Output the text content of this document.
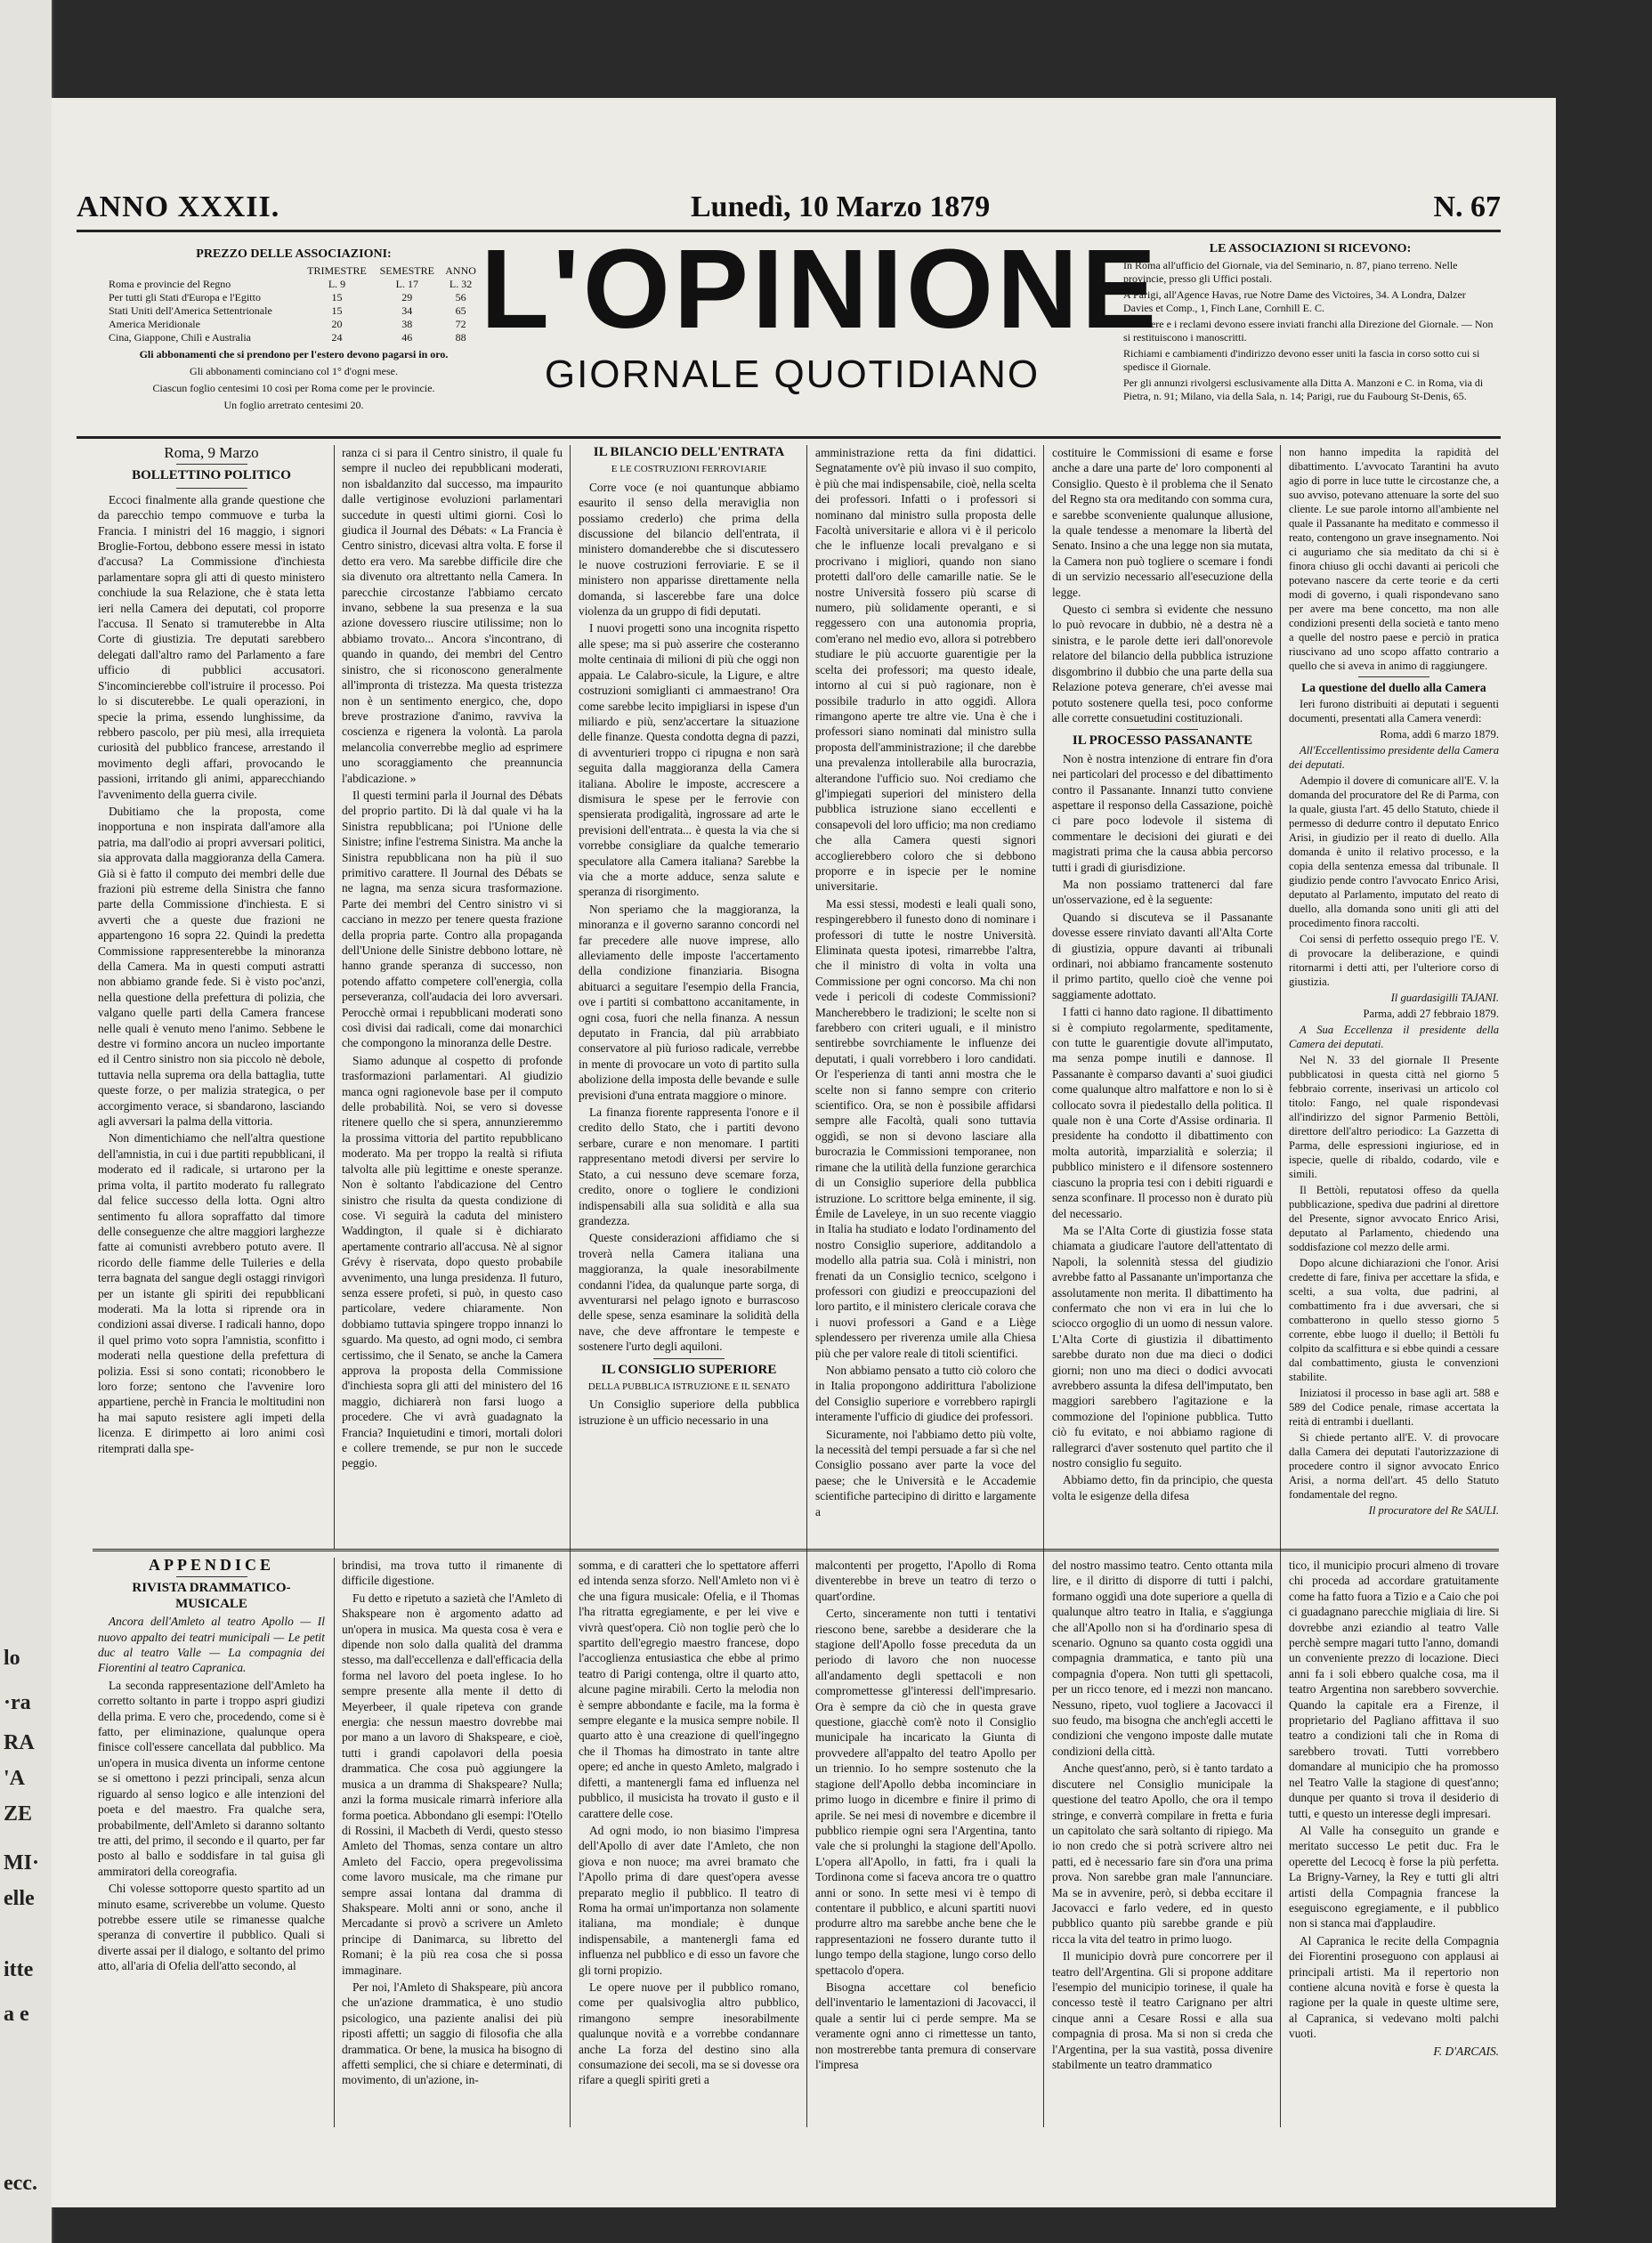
lo
·ra
RA
'A
ZE
MI·
elle
itte
a e
ecc.
ANNO XXXII.	Lunedì, 10 Marzo 1879	N. 67
PREZZO DELLE ASSOCIAZIONI:
	TRIMESTRE	SEMESTRE	ANNO
Roma e provincie del Regno	L. 9	L. 17	L. 32
Per tutti gli Stati d'Europa e l'Egitto	15	29	56
Stati Uniti dell'America Settentrionale	15	34	65
America Meridionale	20	38	72
Cina, Giappone, Chilì e Australia	24	46	88
Gli abbonamenti che si prendono per l'estero devono pagarsi in oro.
Gli abbonamenti cominciano col 1° d'ogni mese.
Ciascun foglio centesimi 10 così per Roma come per le provincie.
Un foglio arretrato centesimi 20.
L'OPINIONE
GIORNALE QUOTIDIANO
LE ASSOCIAZIONI SI RICEVONO:

In Roma all'ufficio del Giornale, via del Seminario, n. 87, piano terreno. Nelle provincie, presso gli Uffici postali.

A Parigi, all'Agence Havas, rue Notre Dame des Victoires, 34. A Londra, Dalzer Davies et Comp., 1, Finch Lane, Cornhill E. C.

Le lettere e i reclami devono essere inviati franchi alla Direzione del Giornale. — Non si restituiscono i manoscritti.

Richiami e cambiamenti d'indirizzo devono esser uniti la fascia in corso sotto cui si spedisce il Giornale.

Per gli annunzi rivolgersi esclusivamente alla Ditta A. Manzoni e C. in Roma, via di Pietra, n. 91; Milano, via della Sala, n. 14; Parigi, rue du Faubourg St-Denis, 65.

Roma, 9 Marzo

BOLLETTINO POLITICO

Eccoci finalmente alla grande questione che da parecchio tempo commuove e turba la Francia. I ministri del 16 maggio, i signori Broglie-Fortou, debbono essere messi in istato d'accusa? La Commissione d'inchiesta parlamentare sopra gli atti di questo ministero conchiude la sua Relazione, che è stata letta ieri nella Camera dei deputati, col proporre l'accusa. Il Senato si tramuterebbe in Alta Corte di giustizia. Tre deputati sarebbero delegati dall'altro ramo del Parlamento a fare ufficio di pubblici accusatori. S'incomincierebbe coll'istruire il processo. Poi lo si discuterebbe. Le quali operazioni, in specie la prima, essendo lunghissime, da rebbero pascolo, per più mesi, alla irrequieta curiosità del pubblico francese, arrestando il movimento degli affari, provocando le passioni, irritando gli animi, apparecchiando l'avvenimento della guerra civile.

Dubitiamo che la proposta, come inopportuna e non inspirata dall'amore alla patria, ma dall'odio ai propri avversari politici, sia approvata dalla maggioranza della Camera. Già si è fatto il computo dei membri delle due frazioni più estreme della Sinistra che fanno parte della Commissione d'inchiesta. E si avverti che a queste due frazioni ne appartengono 16 sopra 22. Quindi la predetta Commissione rappresenterebbe la minoranza della Camera. Ma in questi computi astratti non abbiamo grande fede. Si è visto poc'anzi, nella questione della prefettura di polizia, che valgano quelle parti della Camera francese nelle quali è venuto meno l'animo. Sebbene le destre vi formino ancora un nucleo importante ed il Centro sinistro non sia piccolo nè debole, tuttavia nella suprema ora della battaglia, tutte queste forze, o per malizia strategica, o per accorgimento verace, si sbandarono, lasciando agli avversari la palma della vittoria.

Non dimentichiamo che nell'altra questione dell'amnistia, in cui i due partiti repubblicani, il moderato ed il radicale, si urtarono per la prima volta, il partito moderato fu rallegrato dal felice successo della lotta. Ogni altro sentimento fu allora sopraffatto dal timore delle conseguenze che altre maggiori larghezze fatte ai comunisti avrebbero potuto avere. Il ricordo delle fiamme delle Tuileries e della terra bagnata del sangue degli ostaggi rinvigorì per un istante gli spiriti dei repubblicani moderati. Ma la lotta si riprende ora in condizioni assai diverse. I radicali hanno, dopo il quel primo voto sopra l'amnistia, sconfitto i moderati nella questione della prefettura di polizia. Essi si sono contati; riconobbero le loro forze; sentono che l'avvenire loro appartiene, perchè in Francia le moltitudini non ha mai saputo resistere agli impeti della licenza. E dirimpetto ai loro animi così ritemprati dalla spe-

ranza ci si para il Centro sinistro, il quale fu sempre il nucleo dei repubblicani moderati, non isbaldanzito dal successo, ma impaurito dalle vertiginose evoluzioni parlamentari succedute in questi ultimi giorni. Così lo giudica il Journal des Débats: « La Francia è Centro sinistro, dicevasi altra volta. E forse il detto era vero. Ma sarebbe difficile dire che sia divenuto ora altrettanto nella Camera. In parecchie circostanze l'abbiamo cercato invano, sebbene la sua presenza e la sua azione dovessero riuscire utilissime; non lo abbiamo trovato... Ancora s'incontrano, di quando in quando, dei membri del Centro sinistro, che si riconoscono generalmente all'impronta di tristezza. Ma questa tristezza non è un sentimento energico, che, dopo breve prostrazione d'animo, ravviva la coscienza e rigenera la volontà. La parola melancolia converrebbe meglio ad esprimere uno scoraggiamento che preannuncia l'abdicazione. »

Il questi termini parla il Journal des Débats del proprio partito. Di là dal quale vi ha la Sinistra repubblicana; poi l'Unione delle Sinistre; infine l'estrema Sinistra. Ma anche la Sinistra repubblicana non ha più il suo primitivo carattere. Il Journal des Débats se ne lagna, ma senza sicura trasformazione. Parte dei membri del Centro sinistro vi si cacciano in mezzo per tenere questa frazione della propria parte. Contro alla propaganda dell'Unione delle Sinistre debbono lottare, nè hanno grande speranza di successo, non potendo affatto competere coll'energia, colla perseveranza, coll'audacia dei loro avversari. Perocchè ormai i repubblicani moderati sono così divisi dai radicali, come dai monarchici che compongono la minoranza delle Destre.

Siamo adunque al cospetto di profonde trasformazioni parlamentari. Al giudizio manca ogni ragionevole base per il computo delle probabilità. Noi, se vero si dovesse ritenere quello che si spera, annunzieremmo la prossima vittoria del partito repubblicano moderato. Ma per troppo la realtà si rifiuta talvolta alle più legittime e oneste speranze. Non è soltanto l'abdicazione del Centro sinistro che risulta da questa condizione di cose. Vi seguirà la caduta del ministero Waddington, il quale si è dichiarato apertamente contrario all'accusa. Nè al signor Grévy è riservata, dopo questo probabile avvenimento, una lunga presidenza. Il futuro, senza essere profeti, si può, in questo caso particolare, vedere chiaramente. Non dobbiamo tuttavia spingere troppo innanzi lo sguardo. Ma questo, ad ogni modo, ci sembra certissimo, che il Senato, se anche la Camera approva la proposta della Commissione d'inchiesta sopra gli atti del ministero del 16 maggio, dichiarerà non farsi luogo a procedere. Che vi avrà guadagnato la Francia? Inquietudini e timori, mortali dolori e collere tremende, se pur non le succede peggio.

IL BILANCIO DELL'ENTRATA

E LE COSTRUZIONI FERROVIARIE

Corre voce (e noi quantunque abbiamo esaurito il senso della meraviglia non possiamo crederlo) che prima della discussione del bilancio dell'entrata, il ministero domanderebbe che si discutessero le nuove costruzioni ferroviarie. E se il ministero non apparisse direttamente nella domanda, si lascerebbe fare una dolce violenza da un gruppo di fidi deputati.

I nuovi progetti sono una incognita rispetto alle spese; ma si può asserire che costeranno molte centinaia di milioni di più che oggi non appaia. Le Calabro-sicule, la Ligure, e altre costruzioni somiglianti ci ammaestrano! Ora come sarebbe lecito impigliarsi in ispese d'un miliardo e più, senz'accertare la situazione delle finanze. Questa condotta degna di pazzi, di avventurieri troppo ci ripugna e non sarà seguita dalla maggioranza della Camera italiana. Abolire le imposte, accrescere a dismisura le spese per le ferrovie con spensierata prodigalità, ingrossare ad arte le previsioni dell'entrata... è questa la via che si vorrebbe consigliare da qualche temerario speculatore alla Camera italiana? Sarebbe la via che a morte adduce, senza salute e speranza di risorgimento.

Non speriamo che la maggioranza, la minoranza e il governo saranno concordi nel far precedere alle nuove imprese, allo alleviamento delle imposte l'accertamento della condizione finanziaria. Bisogna abituarci a seguitare l'esempio della Francia, ove i partiti si combattono accanitamente, in ogni cosa, fuori che nella finanza. A nessun deputato in Francia, dal più arrabbiato conservatore al più furioso radicale, verrebbe in mente di provocare un voto di partito sulla abolizione della imposta delle bevande e sulle previsioni d'una entrata maggiore o minore.

La finanza fiorente rappresenta l'onore e il credito dello Stato, che i partiti devono serbare, curare e non menomare. I partiti rappresentano metodi diversi per servire lo Stato, a cui nessuno deve scemare forza, credito, onore o togliere le condizioni indispensabili alla sua solidità e alla sua grandezza.

Queste considerazioni affidiamo che si troverà nella Camera italiana una maggioranza, la quale inesorabilmente condanni l'idea, da qualunque parte sorga, di avventurarsi nel pelago ignoto e burrascoso delle spese, senza esaminare la solidità della nave, che deve affrontare le tempeste e sostenere l'urto degli aquiloni.

IL CONSIGLIO SUPERIORE

DELLA PUBBLICA ISTRUZIONE E IL SENATO

Un Consiglio superiore della pubblica istruzione è un ufficio necessario in una

amministrazione retta da fini didattici. Segnatamente ov'è più invaso il suo compito, è più che mai indispensabile, cioè, nella scelta dei professori. Infatti o i professori si nominano dal ministro sulla proposta delle Facoltà universitarie e allora vi è il pericolo che le influenze locali prevalgano e si procrivano i migliori, quando non siano protetti dall'oro delle camarille natie. Se le nostre Università fossero più scarse di numero, più solidamente operanti, e si reggessero con una autonomia propria, com'erano nel medio evo, allora si potrebbero studiare le più accuorte guarentigie per la scelta dei professori; ma questo ideale, intorno al cui si può ragionare, non è possibile tradurlo in atto oggidì. Allora rimangono aperte tre altre vie. Una è che i professori siano nominati dal ministro sulla proposta dell'amministrazione; il che darebbe una prevalenza intollerabile alla burocrazia, alterandone l'ufficio suo. Noi crediamo che gl'impiegati superiori del ministero della pubblica istruzione siano eccellenti e consapevoli del loro ufficio; ma non crediamo che alla Camera questi signori accoglierebbero coloro che si debbono proporre e in ispecie per le nomine universitarie.

Ma essi stessi, modesti e leali quali sono, respingerebbero il funesto dono di nominare i professori di tutte le nostre Università. Eliminata questa ipotesi, rimarrebbe l'altra, che il ministro di volta in volta una Commissione per ogni concorso. Ma chi non vede i pericoli di codeste Commissioni? Mancherebbero le tradizioni; le scelte non si farebbero con criteri uguali, e il ministro sentirebbe sovrchiamente le influenze dei deputati, i quali vorrebbero i loro candidati. Or l'esperienza di tanti anni mostra che le scelte non si fanno sempre con criterio scientifico. Ora, se non è possibile affidarsi sempre alle Facoltà, quali sono tuttavia oggidì, se non si devono lasciare alla burocrazia le Commissioni temporanee, non rimane che la utilità della funzione gerarchica di un Consiglio superiore della pubblica istruzione. Lo scrittore belga eminente, il sig. Émile de Laveleye, in un suo recente viaggio in Italia ha studiato e lodato l'ordinamento del nostro Consiglio superiore, additandolo a modello alla patria sua. Colà i ministri, non frenati da un Consiglio tecnico, scelgono i professori con giudizi e preoccupazioni del loro partito, e il ministero clericale corava che i nuovi professori a Gand e a Liège splendessero per riverenza umile alla Chiesa più che per valore reale di titoli scientifici.

Non abbiamo pensato a tutto ciò coloro che in Italia propongono addirittura l'abolizione del Consiglio superiore e vorrebbero rapirgli interamente l'ufficio di giudice dei professori.

Sicuramente, noi l'abbiamo detto più volte, la necessità del tempi persuade a far sì che nel Consiglio possano aver parte la voce del paese; che le Università e le Accademie scientifiche partecipino di diritto e largamente a

costituire le Commissioni di esame e forse anche a dare una parte de' loro componenti al Consiglio. Questo è il problema che il Senato del Regno sta ora meditando con somma cura, e sarebbe sconveniente qualunque allusione, la quale tendesse a menomare la libertà del Senato. Insino a che una legge non sia mutata, la Camera non può togliere o scemare i fondi di un servizio necessario all'esecuzione della legge.

Questo ci sembra sì evidente che nessuno lo può revocare in dubbio, nè a destra nè a sinistra, e le parole dette ieri dall'onorevole relatore del bilancio della pubblica istruzione disgombrino il dubbio che una parte della sua Relazione poteva generare, ch'ei avesse mai potuto sostenere quella tesi, poco conforme alle corrette consuetudini costituzionali.

IL PROCESSO PASSANANTE

Non è nostra intenzione di entrare fin d'ora nei particolari del processo e del dibattimento contro il Passanante. Innanzi tutto conviene aspettare il responso della Cassazione, poichè ci pare poco lodevole il sistema di commentare le decisioni dei giurati e dei magistrati prima che la causa abbia percorso tutti i gradi di giurisdizione.

Ma non possiamo trattenerci dal fare un'osservazione, ed è la seguente:

Quando si discuteva se il Passanante dovesse essere rinviato davanti all'Alta Corte di giustizia, oppure davanti ai tribunali ordinari, noi abbiamo francamente sostenuto il primo partito, quello cioè che venne poi saggiamente adottato.

I fatti ci hanno dato ragione. Il dibattimento si è compiuto regolarmente, speditamente, con tutte le guarentigie dovute all'imputato, ma senza pompe inutili e dannose. Il Passanante è comparso davanti a' suoi giudici come qualunque altro malfattore e non lo si è collocato sovra il piedestallo della politica. Il quale non è una Corte d'Assise ordinaria. Il presidente ha condotto il dibattimento con molta autorità, imparzialità e solerzia; il pubblico ministero e il difensore sostennero ciascuno la propria tesi con i debiti riguardi e senza sconfinare. Il processo non è durato più del necessario.

Ma se l'Alta Corte di giustizia fosse stata chiamata a giudicare l'autore dell'attentato di Napoli, la solennità stessa del giudizio avrebbe fatto al Passanante un'importanza che assolutamente non merita. Il dibattimento ha confermato che non vi era in lui che lo sciocco orgoglio di un uomo di nessun valore. L'Alta Corte di giustizia il dibattimento sarebbe durato non due ma dieci o dodici giorni; non uno ma dieci o dodici avvocati avrebbero assunta la difesa dell'imputato, ben maggiori sarebbero l'agitazione e la commozione del l'opinione pubblica. Tutto ciò fu evitato, e noi abbiamo ragione di rallegrarci d'aver sostenuto quel partito che il nostro consiglio fu seguito.

Abbiamo detto, fin da principio, che questa volta le esigenze della difesa

non hanno impedita la rapidità del dibattimento. L'avvocato Tarantini ha avuto agio di porre in luce tutte le circostanze che, a suo avviso, potevano attenuare la sorte del suo cliente. Le sue parole intorno all'ambiente nel quale il Passanante ha meditato e commesso il reato, contengono un grave insegnamento. Noi ci auguriamo che sia meditato da chi si è finora chiuso gli occhi davanti ai pericoli che potevano nascere da certe teorie e da certi modi di governo, i quali rispondevano sano per avere ma bene concetto, ma non alle condizioni presenti della società e tanto meno a quelle del nostro paese e perciò in pratica riuscivano ad uno scopo affatto contrario a quello che si aveva in animo di raggiungere.

La questione del duello alla Camera

Ieri furono distribuiti ai deputati i seguenti documenti, presentati alla Camera venerdì:

Roma, addì 6 marzo 1879.

All'Eccellentissimo presidente della Camera dei deputati.

Adempio il dovere di comunicare all'E. V. la domanda del procuratore del Re di Parma, con la quale, giusta l'art. 45 dello Statuto, chiede il permesso di dedurre contro il deputato Enrico Arisi, in giudizio per il reato di duello. Alla domanda è unito il relativo processo, e la copia della sentenza emessa dal tribunale. Il giudizio pende contro l'avvocato Enrico Arisi, deputato al Parlamento, imputato del reato di duello, alla domanda sono uniti gli atti del procedimento finora raccolti.

Coi sensi di perfetto ossequio prego l'E. V. di provocare la deliberazione, e quindi ritornarmi i detti atti, per l'ulteriore corso di giustizia.

Il guardasigilli TAJANI.

Parma, addì 27 febbraio 1879.

A Sua Eccellenza il presidente della Camera dei deputati.

Nel N. 33 del giornale Il Presente pubblicatosi in questa città nel giorno 5 febbraio corrente, inserivasi un articolo col titolo: Fango, nel quale rispondevasi all'indirizzo del signor Parmenio Bettòli, direttore dell'altro periodico: La Gazzetta di Parma, delle espressioni ingiuriose, ed in ispecie, quelle di ribaldo, codardo, vile e simili.

Il Bettòli, reputatosi offeso da quella pubblicazione, spediva due padrini al direttore del Presente, signor avvocato Enrico Arisi, deputato al Parlamento, chiedendo una soddisfazione col mezzo delle armi.

Dopo alcune dichiarazioni che l'onor. Arisi credette di fare, finiva per accettare la sfida, e scelti, a sua volta, due padrini, al combattimento fra i due avversari, che si combatterono in quello stesso giorno 5 corrente, ebbe luogo il duello; il Bettòli fu colpito da scalfittura e si ebbe quindi a cessare dal combattimento, giusta le convenzioni stabilite.

Iniziatosi il processo in base agli art. 588 e 589 del Codice penale, rimase accertata la reità di entrambi i duellanti.

Si chiede pertanto all'E. V. di provocare dalla Camera dei deputati l'autorizzazione di procedere contro il signor avvocato Enrico Arisi, a norma dell'art. 45 dello Statuto fondamentale del regno.

Il procuratore del Re SAULI.

APPENDICE

RIVISTA DRAMMATICO-MUSICALE

Ancora dell'Amleto al teatro Apollo — Il nuovo appalto dei teatri municipali — Le petit duc al teatro Valle — La compagnia dei Fiorentini al teatro Capranica.

La seconda rappresentazione dell'Amleto ha corretto soltanto in parte i troppo aspri giudizi della prima. E vero che, procedendo, come si è fatto, per eliminazione, qualunque opera finisce coll'essere cancellata dal pubblico. Ma un'opera in musica diventa un informe centone se si omettono i pezzi principali, senza alcun riguardo al senso logico e alle intenzioni del poeta e del maestro. Fra qualche sera, probabilmente, dell'Amleto si daranno soltanto tre atti, del primo, il secondo e il quarto, per far posto al ballo e soddisfare in tal guisa gli ammiratori della coreografia.

Chi volesse sottoporre questo spartito ad un minuto esame, scriverebbe un volume. Questo potrebbe essere utile se rimanesse qualche speranza di convertire il pubblico. Quali si diverte assai per il dialogo, e soltanto del primo atto, all'aria di Ofelia dell'atto secondo, al

brindisi, ma trova tutto il rimanente di difficile digestione.

Fu detto e ripetuto a sazietà che l'Amleto di Shakspeare non è argomento adatto ad un'opera in musica. Ma questa cosa è vera e dipende non solo dalla qualità del dramma stesso, ma dall'eccellenza e dall'efficacia della forma nel lavoro del poeta inglese. Io ho sempre presente alla mente il detto di Meyerbeer, il quale ripeteva con grande energia: che nessun maestro dovrebbe mai por mano a un lavoro di Shakspeare, e cioè, tutti i grandi capolavori della poesia drammatica. Che cosa può aggiungere la musica a un dramma di Shakspeare? Nulla; anzi la forma musicale rimarrà inferiore alla forma poetica. Abbondano gli esempi: l'Otello di Rossini, il Macbeth di Verdi, questo stesso Amleto del Thomas, senza contare un altro Amleto del Faccio, opera pregevolissima come lavoro musicale, ma che rimane pur sempre assai lontana dal dramma di Shakspeare. Molti anni or sono, anche il Mercadante si provò a scrivere un Amleto principe di Danimarca, su libretto del Romani; è la più rea cosa che si possa immaginare.

Per noi, l'Amleto di Shakspeare, più ancora che un'azione drammatica, è uno studio psicologico, una paziente analisi dei più riposti affetti; un saggio di filosofia che alla drammatica. Or bene, la musica ha bisogno di affetti semplici, che si chiare e determinati, di movimento, di un'azione, in-

somma, e di caratteri che lo spettatore afferri ed intenda senza sforzo. Nell'Amleto non vi è che una figura musicale: Ofelia, e il Thomas l'ha ritratta egregiamente, e per lei vive e vivrà quest'opera. Ciò non toglie però che lo spartito dell'egregio maestro francese, dopo l'accoglienza entusiastica che ebbe al primo teatro di Parigi contenga, oltre il quarto atto, alcune pagine mirabili. Certo la melodia non è sempre abbondante e facile, ma la forma è sempre elegante e la musica sempre nobile. Il quarto atto è una creazione di quell'ingegno che il Thomas ha dimostrato in tante altre opere; ed anche in questo Amleto, malgrado i difetti, a mantenergli fama ed influenza nel pubblico, il musicista ha trovato il gusto e il carattere delle cose.

Ad ogni modo, io non biasimo l'impresa dell'Apollo di aver date l'Amleto, che non giova e non nuoce; ma avrei bramato che l'Apollo prima di dare quest'opera avesse preparato meglio il pubblico. Il teatro di Roma ha ormai un'importanza non solamente italiana, ma mondiale; è dunque indispensabile, a mantenergli fama ed influenza nel pubblico e di esso un favore che gli torni propizio.

Le opere nuove per il pubblico romano, come per qualsivoglia altro pubblico, rimangono sempre inesorabilmente qualunque novità e a vorrebbe condannare anche La forza del destino sino alla consumazione dei secoli, ma se si dovesse ora rifare a quegli spiriti greti a

malcontenti per progetto, l'Apollo di Roma diventerebbe in breve un teatro di terzo o quart'ordine.

Certo, sinceramente non tutti i tentativi riescono bene, sarebbe a desiderare che la stagione dell'Apollo fosse preceduta da un periodo di lavoro che non nuocesse all'andamento degli spettacoli e non compromettesse gl'interessi dell'impresario. Ora è sempre da ciò che in questa grave questione, giacchè com'è noto il Consiglio municipale ha incaricato la Giunta di provvedere all'appalto del teatro Apollo per un triennio. Io ho sempre sostenuto che la stagione dell'Apollo debba incominciare in primo luogo in dicembre e finire il primo di aprile. Se nei mesi di novembre e dicembre il pubblico riempie ogni sera l'Argentina, tanto vale che si prolunghi la stagione dell'Apollo. L'opera all'Apollo, in fatti, fra i quali la Tordinona come si faceva ancora tre o quattro anni or sono. In sette mesi vi è tempo di contentare il pubblico, e alcuni spartiti nuovi produrre altro ma sarebbe anche bene che le rappresentazioni ne fossero durante tutto il lungo tempo della stagione, lungo corso dello spettacolo d'opera.

Bisogna accettare col beneficio dell'inventario le lamentazioni di Jacovacci, il quale a sentir lui ci perde sempre. Ma se veramente ogni anno ci rimettesse un tanto, non mostrerebbe tanta premura di conservare l'impresa

del nostro massimo teatro. Cento ottanta mila lire, e il diritto di disporre di tutti i palchi, formano oggidì una dote superiore a quella di qualunque altro teatro in Italia, e s'aggiunga che all'Apollo non si ha d'ordinario spesa di scenario. Ognuno sa quanto costa oggidì una compagnia drammatica, e tanto più una compagnia d'opera. Non tutti gli spettacoli, per un ricco tenore, ed i mezzi non mancano. Nessuno, ripeto, vuol togliere a Jacovacci il suo feudo, ma bisogna che anch'egli accetti le condizioni che vengono imposte dalle mutate condizioni della città.

Anche quest'anno, però, si è tanto tardato a discutere nel Consiglio municipale la questione del teatro Apollo, che ora il tempo stringe, e converrà compilare in fretta e furia un capitolato che sarà soltanto di ripiego. Ma io non credo che si potrà scrivere altro nei patti, ed è necessario fare sin d'ora una prima prova. Non sarebbe gran male l'annunciare. Ma se in avvenire, però, si debba eccitare il Jacovacci e farlo vedere, ed in questo pubblico quanto più sarebbe grande e più ricca la vita del teatro in primo luogo.

Il municipio dovrà pure concorrere per il teatro dell'Argentina. Gli si propone additare l'esempio del municipio torinese, il quale ha concesso testè il teatro Carignano per altri cinque anni a Cesare Rossi e alla sua compagnia di prosa. Ma si non si creda che l'Argentina, per la sua vastità, possa divenire stabilmente un teatro drammatico

tico, il municipio procuri almeno di trovare chi proceda ad accordare gratuitamente come ha fatto fuora a Tizio e a Caio che poi ci guadagnano parecchie migliaia di lire. Si dovrebbe anzi eziandio al teatro Valle perchè sempre magari tutto l'anno, domandi un conveniente prezzo di locazione. Dieci anni fa i soli ebbero qualche cosa, ma il teatro Argentina non sarebbero sovverchie. Quando la capitale era a Firenze, il proprietario del Pagliano affittava il suo teatro a condizioni tali che in Roma di sarebbero trovati. Tutti vorrebbero domandare al municipio che ha promosso nel Teatro Valle la stagione di quest'anno; dunque per quanto si trova il desiderio di tutti, e questo un interesse degli impresari.

Al Valle ha conseguito un grande e meritato successo Le petit duc. Fra le operette del Lecocq è forse la più perfetta. La Brigny-Varney, la Rey e tutti gli altri artisti della Compagnia francese la eseguiscono egregiamente, e il pubblico non si stanca mai d'applaudire.

Al Capranica le recite della Compagnia dei Fiorentini proseguono con applausi ai principali artisti. Ma il repertorio non contiene alcuna novità e forse è questa la ragione per la quale in queste ultime sere, al Capranica, si vedevano molti palchi vuoti.

F. D'ARCAIS.
